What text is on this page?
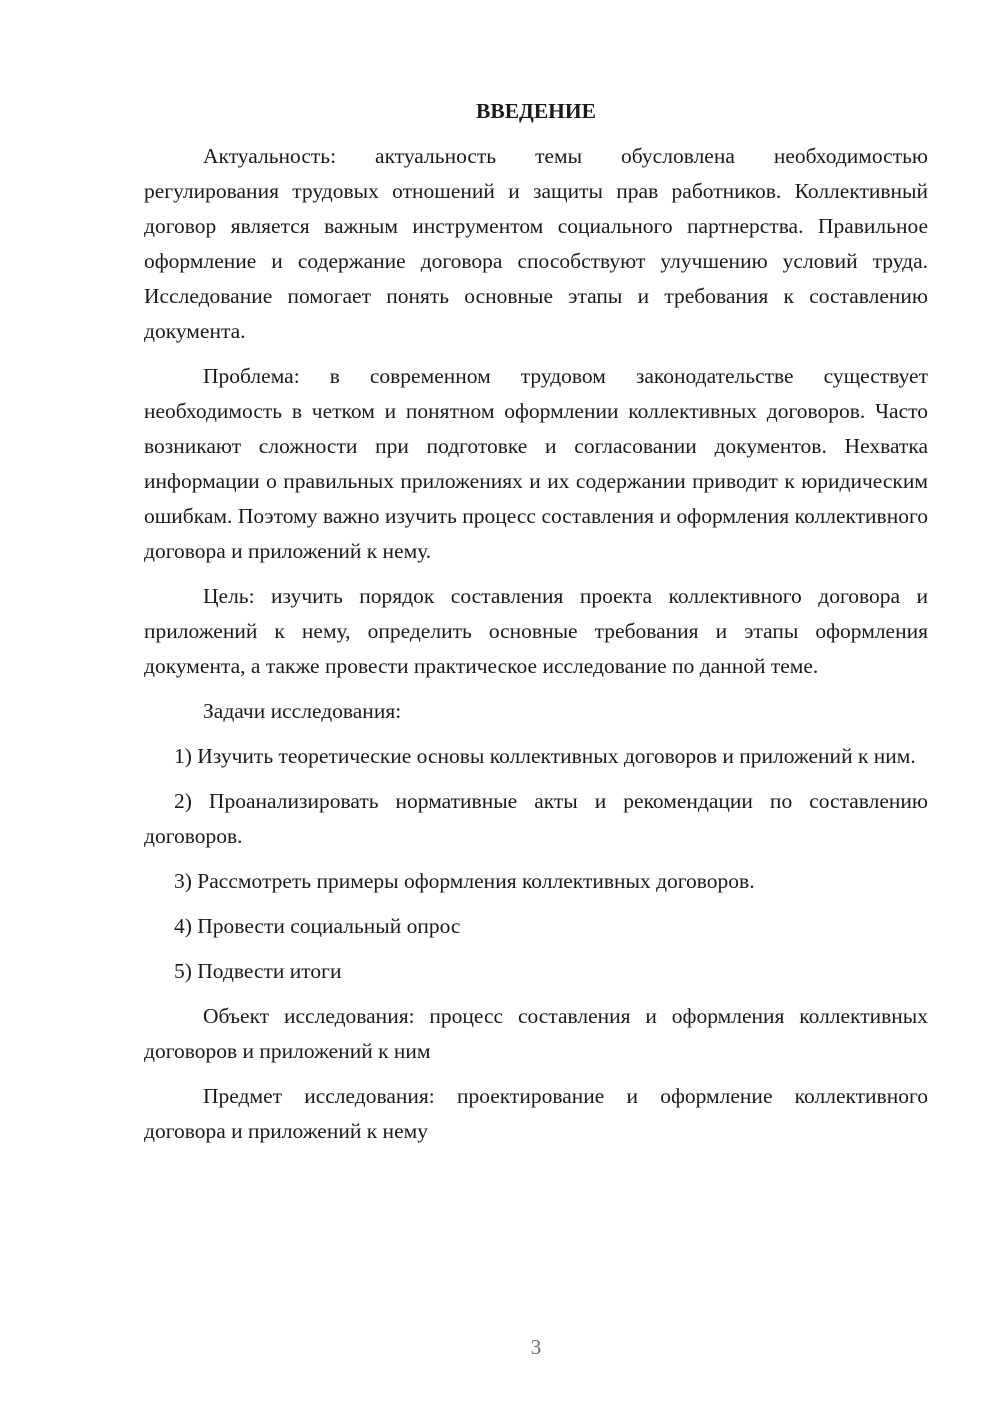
ВВЕДЕНИЕ

Актуальность: актуальность темы обусловлена необходимостью регулирования трудовых отношений и защиты прав работников. Коллективный договор является важным инструментом социального партнерства. Правильное оформление и содержание договора способствуют улучшению условий труда. Исследование помогает понять основные этапы и требования к составлению документа.

Проблема: в современном трудовом законодательстве существует необходимость в четком и понятном оформлении коллективных договоров. Часто возникают сложности при подготовке и согласовании документов. Нехватка информации о правильных приложениях и их содержании приводит к юридическим ошибкам. Поэтому важно изучить процесс составления и оформления коллективного договора и приложений к нему.

Цель: изучить порядок составления проекта коллективного договора и приложений к нему, определить основные требования и этапы оформления документа, а также провести практическое исследование по данной теме.

Задачи исследования:

1) Изучить теоретические основы коллективных договоров и приложений к ним.

2) Проанализировать нормативные акты и рекомендации по составлению договоров.

3) Рассмотреть примеры оформления коллективных договоров.

4) Провести социальный опрос

5) Подвести итоги

Объект исследования: процесс составления и оформления коллективных договоров и приложений к ним

Предмет исследования: проектирование и оформление коллективного договора и приложений к нему

3
